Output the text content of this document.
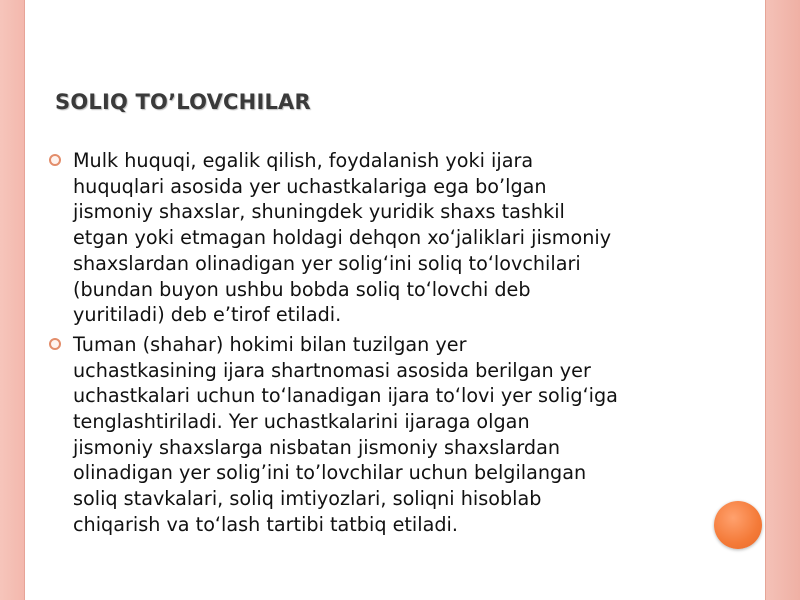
SOLIQ TO’LOVCHILAR
Mulk huquqi, egalik qilish, foydalanish yoki ijara
huquqlari asosida yer uchastkalariga ega bo’lgan
jismoniy shaxslar, shuningdek yuridik shaxs tashkil
etgan yoki etmagan holdagi dehqon xo‘jaliklari jismoniy
shaxslardan olinadigan yer solig‘ini soliq to‘lovchilari
(bundan buyon ushbu bobda soliq to‘lovchi deb
yuritiladi) deb e’tirof etiladi.
Tuman (shahar) hokimi bilan tuzilgan yer
uchastkasining ijara shartnomasi asosida berilgan yer
uchastkalari uchun to‘lanadigan ijara to‘lovi yer solig‘iga
tenglashtiriladi. Yer uchastkalarini ijaraga olgan
jismoniy shaxslarga nisbatan jismoniy shaxslardan
olinadigan yer solig’ini to’lovchilar uchun belgilangan
soliq stavkalari, soliq imtiyozlari, soliqni hisoblab
chiqarish va to‘lash tartibi tatbiq etiladi.
